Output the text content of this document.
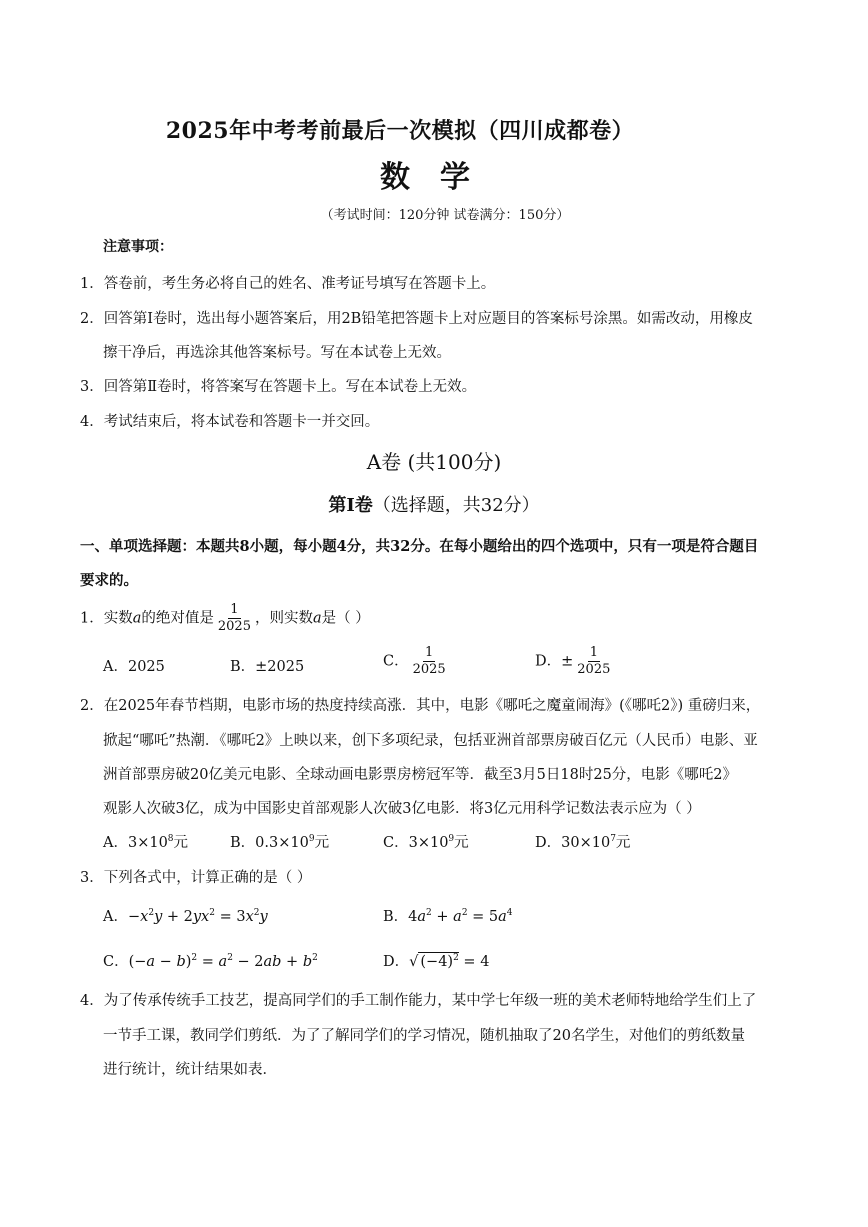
2025年中考考前最后一次模拟（四川成都卷）
数学
（考试时间：120分钟 试卷满分：150分）
注意事项：
1．答卷前，考生务必将自己的姓名、准考证号填写在答题卡上。
2．回答第Ⅰ卷时，选出每小题答案后，用2B铅笔把答题卡上对应题目的答案标号涂黑。如需改动，用橡皮
擦干净后，再选涂其他答案标号。写在本试卷上无效。
3．回答第Ⅱ卷时，将答案写在答题卡上。写在本试卷上无效。
4．考试结束后，将本试卷和答题卡一并交回。
A卷 (共100分)
第Ⅰ卷（选择题，共32分）
一、单项选择题：本题共8小题，每小题4分，共32分。在每小题给出的四个选项中，只有一项是符合题目
要求的。
1．实数a的绝对值是 $\frac{1}{2025}$ ，则实数a是（ ）
A．2025	B．±2025	C． $\frac{1}{2025}$	D．± $\frac{1}{2025}$
2．在2025年春节档期，电影市场的热度持续高涨．其中，电影《哪吒之魔童闹海》(《哪吒2》) 重磅归来，
掀起“哪吒”热潮．《哪吒2》上映以来，创下多项纪录，包括亚洲首部票房破百亿元（人民币）电影、亚
洲首部票房破20亿美元电影、全球动画电影票房榜冠军等．截至3月5日18时25分，电影《哪吒2》
观影人次破3亿，成为中国影史首部观影人次破3亿电影．将3亿元用科学记数法表示应为（ ）
A．$3\times 10^8$元	B．$0.3\times 10^9$元	C．$3\times 10^9$元	D．$30\times 10^7$元
3．下列各式中，计算正确的是（ ）
A．$-x^2y + 2yx^2 = 3x^2y$	B．$4a^2 + a^2 = 5a^4$
C．$(-a - b)^2 = a^2 - 2ab + b^2$	D．√ $(-4)^2 = 4$
4．为了传承传统手工技艺，提高同学们的手工制作能力，某中学七年级一班的美术老师特地给学生们上了
一节手工课，教同学们剪纸．为了了解同学们的学习情况，随机抽取了20名学生，对他们的剪纸数量
进行统计，统计结果如表．
